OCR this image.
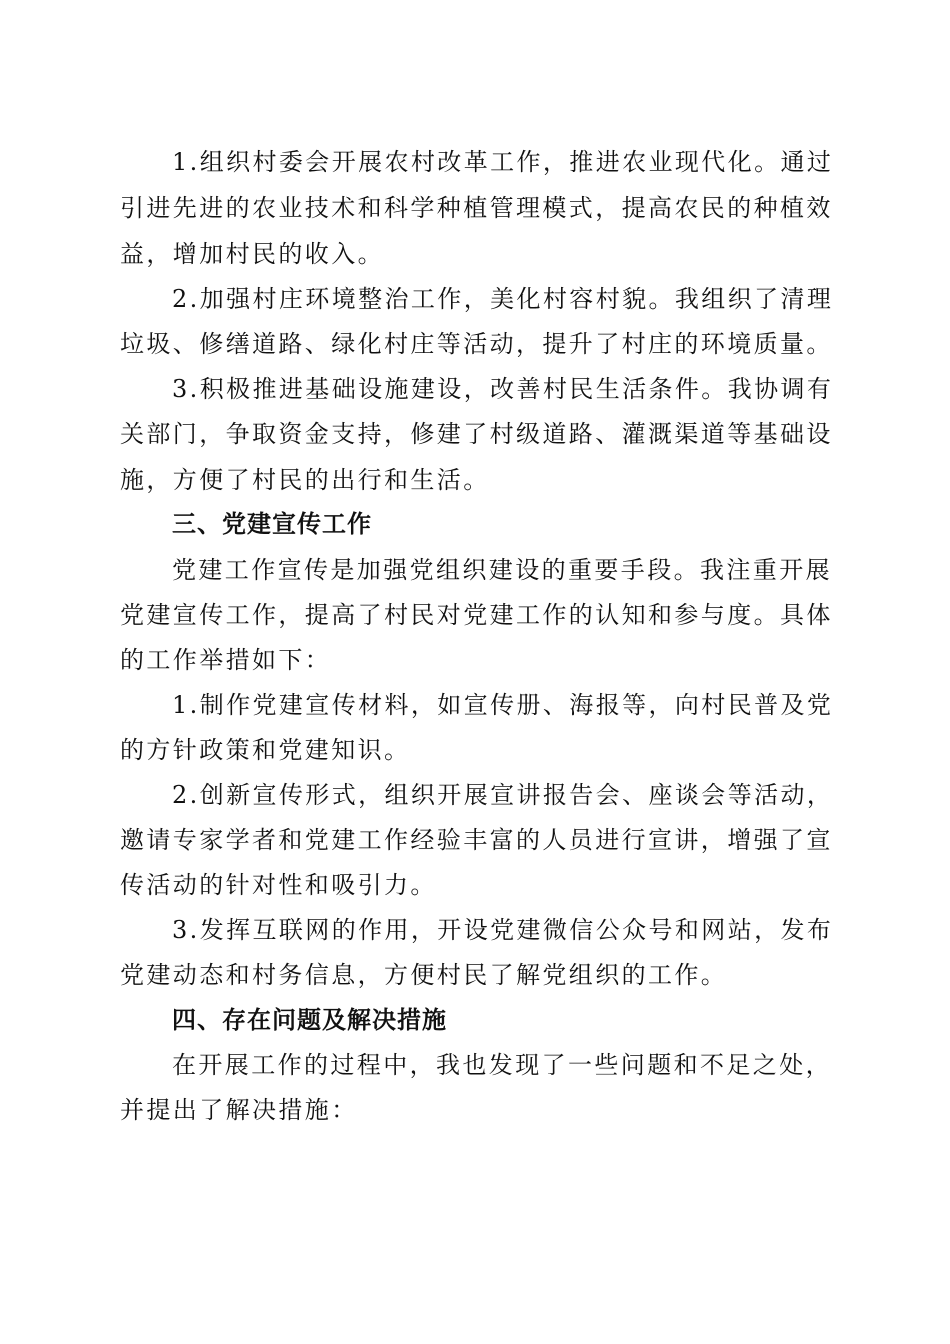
1.组织村委会开展农村改革工作，推进农业现代化。通过
引进先进的农业技术和科学种植管理模式，提高农民的种植效
益，增加村民的收入。
2.加强村庄环境整治工作，美化村容村貌。我组织了清理
垃圾、修缮道路、绿化村庄等活动，提升了村庄的环境质量。
3.积极推进基础设施建设，改善村民生活条件。我协调有
关部门，争取资金支持，修建了村级道路、灌溉渠道等基础设
施，方便了村民的出行和生活。
三、党建宣传工作
党建工作宣传是加强党组织建设的重要手段。我注重开展
党建宣传工作，提高了村民对党建工作的认知和参与度。具体
的工作举措如下：
1.制作党建宣传材料，如宣传册、海报等，向村民普及党
的方针政策和党建知识。
2.创新宣传形式，组织开展宣讲报告会、座谈会等活动，
邀请专家学者和党建工作经验丰富的人员进行宣讲，增强了宣
传活动的针对性和吸引力。
3.发挥互联网的作用，开设党建微信公众号和网站，发布
党建动态和村务信息，方便村民了解党组织的工作。
四、存在问题及解决措施
在开展工作的过程中，我也发现了一些问题和不足之处，
并提出了解决措施：
